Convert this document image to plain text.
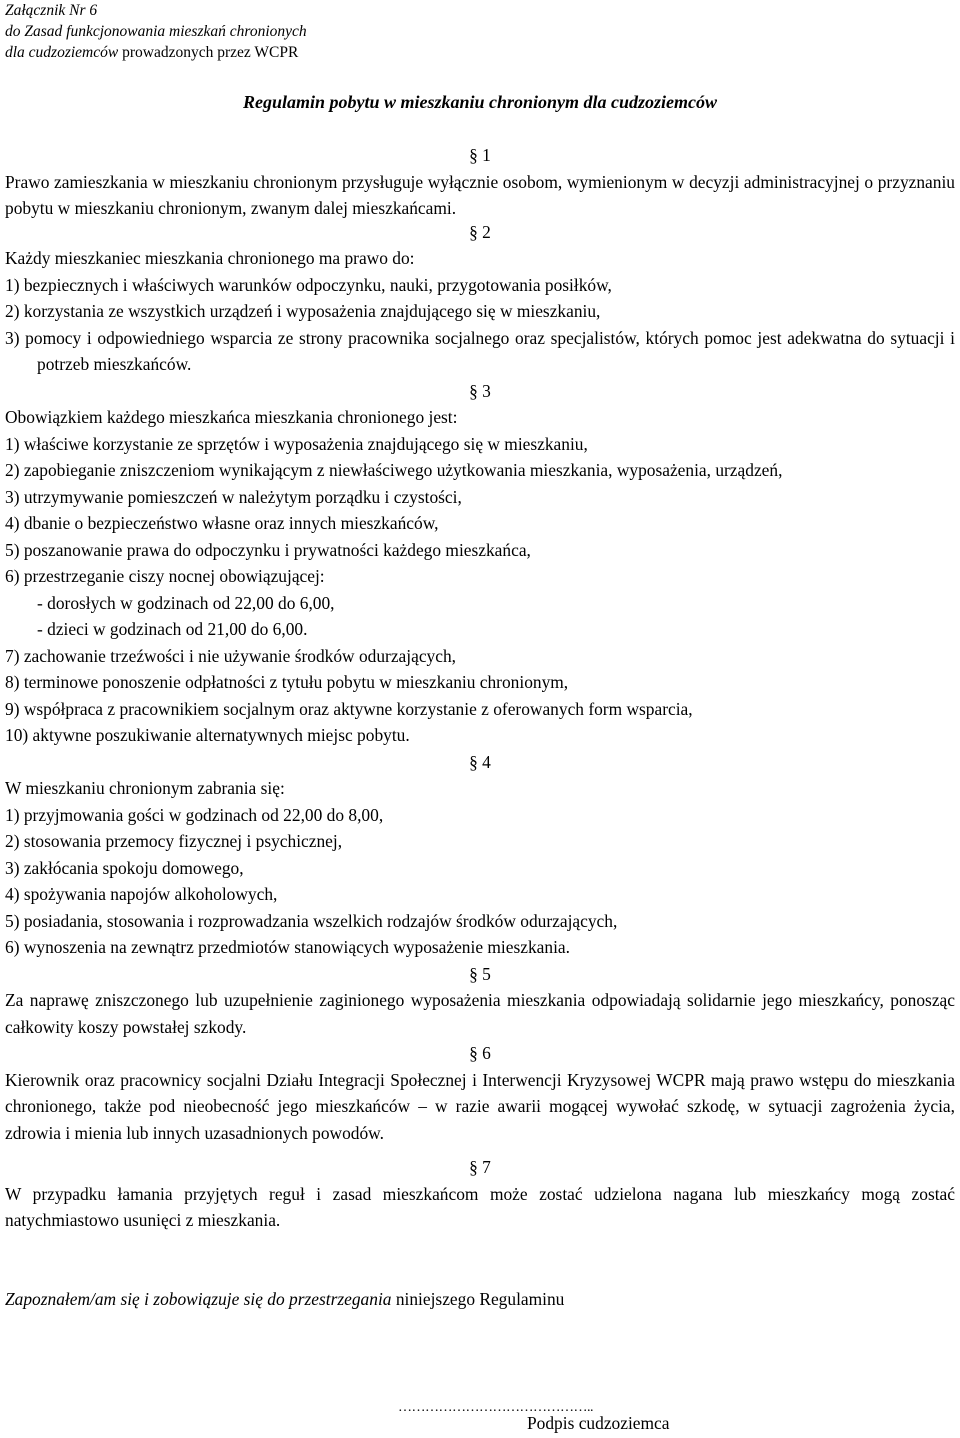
Załącznik Nr 6
do Zasad funkcjonowania mieszkań chronionych
dla cudzoziemców prowadzonych przez WCPR
Regulamin pobytu w mieszkaniu chronionym dla cudzoziemców
§ 1
Prawo zamieszkania w mieszkaniu chronionym przysługuje wyłącznie osobom, wymienionym w decyzji administracyjnej o przyznaniu pobytu w mieszkaniu chronionym, zwanym dalej mieszkańcami.
§ 2
Każdy mieszkaniec mieszkania chronionego ma prawo do:
1) bezpiecznych i właściwych warunków odpoczynku, nauki, przygotowania posiłków,
2) korzystania ze wszystkich urządzeń i wyposażenia znajdującego się w mieszkaniu,
3) pomocy i odpowiedniego wsparcia ze strony pracownika socjalnego oraz specjalistów, których pomoc jest adekwatna do sytuacji i potrzeb mieszkańców.
§ 3
Obowiązkiem każdego mieszkańca mieszkania chronionego jest:
1) właściwe korzystanie ze sprzętów i wyposażenia znajdującego się w mieszkaniu,
2) zapobieganie zniszczeniom wynikającym z niewłaściwego użytkowania mieszkania, wyposażenia, urządzeń,
3) utrzymywanie pomieszczeń w należytym porządku i czystości,
4) dbanie o bezpieczeństwo własne oraz innych mieszkańców,
5) poszanowanie prawa do odpoczynku i prywatności każdego mieszkańca,
6) przestrzeganie ciszy nocnej obowiązującej:
- dorosłych w godzinach od 22,00 do 6,00,
- dzieci w godzinach od 21,00 do 6,00.
7) zachowanie trzeźwości i nie używanie środków odurzających,
8) terminowe ponoszenie odpłatności z tytułu pobytu w mieszkaniu chronionym,
9) współpraca z pracownikiem socjalnym oraz aktywne korzystanie z oferowanych form wsparcia,
10) aktywne poszukiwanie alternatywnych miejsc pobytu.
§ 4
W mieszkaniu chronionym zabrania się:
1) przyjmowania gości w godzinach od 22,00 do 8,00,
2) stosowania przemocy fizycznej i psychicznej,
3) zakłócania spokoju domowego,
4) spożywania napojów alkoholowych,
5) posiadania, stosowania i rozprowadzania wszelkich rodzajów środków odurzających,
6) wynoszenia na zewnątrz przedmiotów stanowiących wyposażenie mieszkania.
§ 5
Za naprawę zniszczonego lub uzupełnienie zaginionego wyposażenia mieszkania odpowiadają solidarnie jego mieszkańcy, ponosząc całkowity koszy powstałej szkody.
§ 6
Kierownik oraz pracownicy socjalni Działu Integracji Społecznej i Interwencji Kryzysowej WCPR mają prawo wstępu do mieszkania chronionego, także pod nieobecność jego mieszkańców – w razie awarii mogącej wywołać szkodę, w sytuacji zagrożenia życia, zdrowia i mienia lub innych uzasadnionych powodów.
§ 7
W przypadku łamania przyjętych reguł i zasad mieszkańcom może zostać udzielona nagana lub mieszkańcy mogą zostać natychmiastowo usunięci z mieszkania.
Zapoznałem/am się i zobowiązuje się do przestrzegania niniejszego Regulaminu
……………………………………..
Podpis cudzoziemca
